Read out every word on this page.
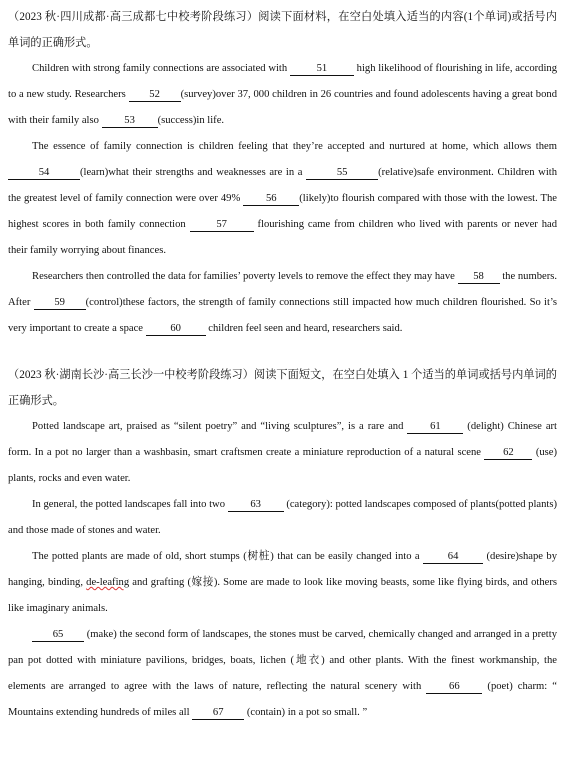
（2023 秋·四川成都·高三成都七中校考阶段练习）阅读下面材料，在空白处填入适当的内容(1个单词)或括号内单词的正确形式。

Children with strong family connections are associated with	51	high likelihood of flourishing in life, according to a new study. Researchers 52 (survey)over 37, 000 children in 26 countries and found adolescents having a great bond with their family also 53 (success)in life.

The essence of family connection is children feeling that they’re accepted and nurtured at home, which allows them 54	(learn)what their strengths and weaknesses are in a	55	(relative)safe environment. Children with the greatest level of family connection were over 49% 56 (likely)to flourish compared with those with the lowest. The highest scores in both family connection	57	flourishing came from children who lived with parents or never had their family worrying about finances.

Researchers then controlled the data for families’ poverty levels to remove the effect they may have 58 the numbers. After 59 (control)these factors, the strength of family connections still impacted how much children flourished. So it’s very important to create a space 60 children feel seen and heard, researchers said.

（2023 秋·湖南长沙·高三长沙一中校考阶段练习）阅读下面短文，在空白处填入 1 个适当的单词或括号内单词的正确形式。

Potted landscape art, praised as “silent poetry” and “living sculptures”, is a rare and 61 (delight) Chinese art form. In a pot no larger than a washbasin, smart craftsmen create a miniature reproduction of a natural scene 62 (use) plants, rocks and even water.

In general, the potted landscapes fall into two 63 (category): potted landscapes composed of plants(potted plants) and those made of stones and water.

The potted plants are made of old, short stumps (树桩) that can be easily changed into a 64 (desire)shape by hanging, binding, de-leafing and grafting (嫁接). Some are made to look like moving beasts, some like flying birds, and others like imaginary animals.

65 (make) the second form of landscapes, the stones must be carved, chemically changed and arranged in a pretty pan pot dotted with miniature pavilions, bridges, boats, lichen (地衣) and other plants. With the finest workmanship, the elements are arranged to agree with the laws of nature, reflecting the natural scenery with 66 (poet) charm: “ Mountains extending hundreds of miles all 67 (contain) in a pot so small. ”
